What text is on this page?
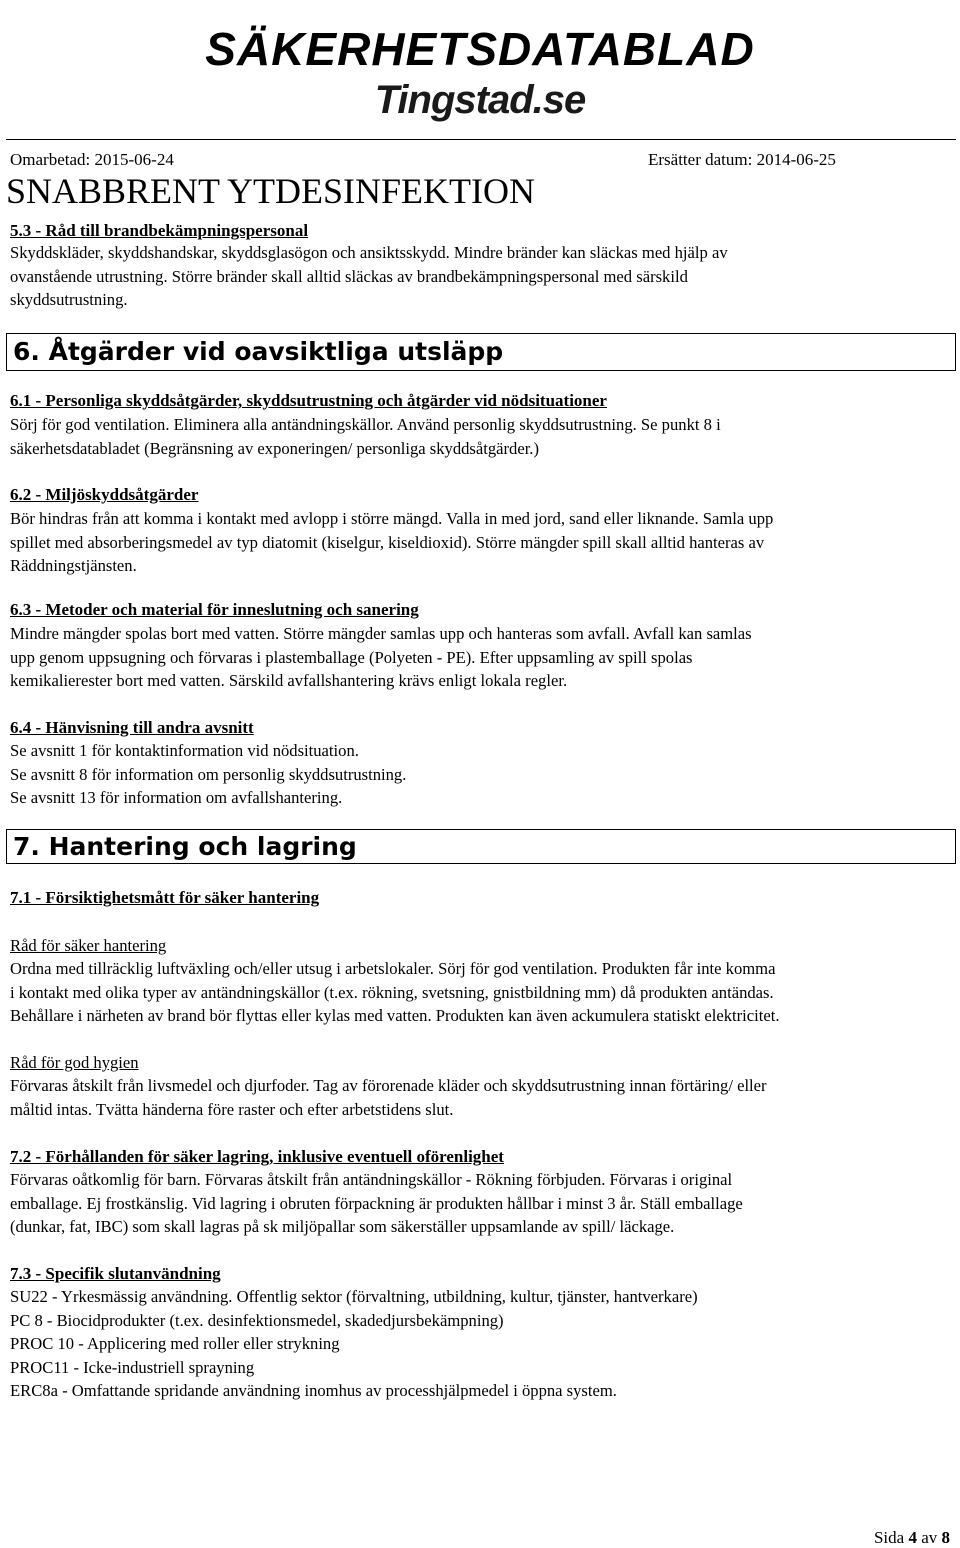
SÄKERHETSDATABLAD
Tingstad.se
Omarbetad: 2015-06-24	Ersätter datum: 2014-06-25
SNABBRENT YTDESINFEKTION
5.3 - Råd till brandbekämpningspersonal
Skyddskläder, skyddshandskar, skyddsglasögon och ansiktsskydd. Mindre bränder kan släckas med hjälp av
ovanstående utrustning. Större bränder skall alltid släckas av brandbekämpningspersonal med särskild
skyddsutrustning.
6. Åtgärder vid oavsiktliga utsläpp
6.1 - Personliga skyddsåtgärder, skyddsutrustning och åtgärder vid nödsituationer
Sörj för god ventilation. Eliminera alla antändningskällor. Använd personlig skyddsutrustning. Se punkt 8 i
säkerhetsdatabladet (Begränsning av exponeringen/ personliga skyddsåtgärder.)
6.2 - Miljöskyddsåtgärder
Bör hindras från att komma i kontakt med avlopp i större mängd. Valla in med jord, sand eller liknande. Samla upp
spillet med absorberingsmedel av typ diatomit (kiselgur, kiseldioxid). Större mängder spill skall alltid hanteras av
Räddningstjänsten.
6.3 - Metoder och material för inneslutning och sanering
Mindre mängder spolas bort med vatten. Större mängder samlas upp och hanteras som avfall. Avfall kan samlas
upp genom uppsugning och förvaras i plastemballage (Polyeten - PE). Efter uppsamling av spill spolas
kemikalierester bort med vatten. Särskild avfallshantering krävs enligt lokala regler.
6.4 - Hänvisning till andra avsnitt
Se avsnitt 1 för kontaktinformation vid nödsituation.
Se avsnitt 8 för information om personlig skyddsutrustning.
Se avsnitt 13 för information om avfallshantering.
7. Hantering och lagring
7.1 - Försiktighetsmått för säker hantering
Råd för säker hantering
Ordna med tillräcklig luftväxling och/eller utsug i arbetslokaler. Sörj för god ventilation. Produkten får inte komma
i kontakt med olika typer av antändningskällor (t.ex. rökning, svetsning, gnistbildning mm) då produkten antändas.
Behållare i närheten av brand bör flyttas eller kylas med vatten. Produkten kan även ackumulera statiskt elektricitet.
Råd för god hygien
Förvaras åtskilt från livsmedel och djurfoder. Tag av förorenade kläder och skyddsutrustning innan förtäring/ eller
måltid intas. Tvätta händerna före raster och efter arbetstidens slut.
7.2 - Förhållanden för säker lagring, inklusive eventuell oförenlighet
Förvaras oåtkomlig för barn. Förvaras åtskilt från antändningskällor - Rökning förbjuden. Förvaras i original
emballage. Ej frostkänslig. Vid lagring i obruten förpackning är produkten hållbar i minst 3 år. Ställ emballage
(dunkar, fat, IBC) som skall lagras på sk miljöpallar som säkerställer uppsamlande av spill/ läckage.
7.3 - Specifik slutanvändning
SU22 - Yrkesmässig användning. Offentlig sektor (förvaltning, utbildning, kultur, tjänster, hantverkare)
PC 8 - Biocidprodukter (t.ex. desinfektionsmedel, skadedjursbekämpning)
PROC 10 - Applicering med roller eller strykning
PROC11 - Icke-industriell sprayning
ERC8a - Omfattande spridande användning inomhus av processhjälpmedel i öppna system.
Sida 4 av 8
